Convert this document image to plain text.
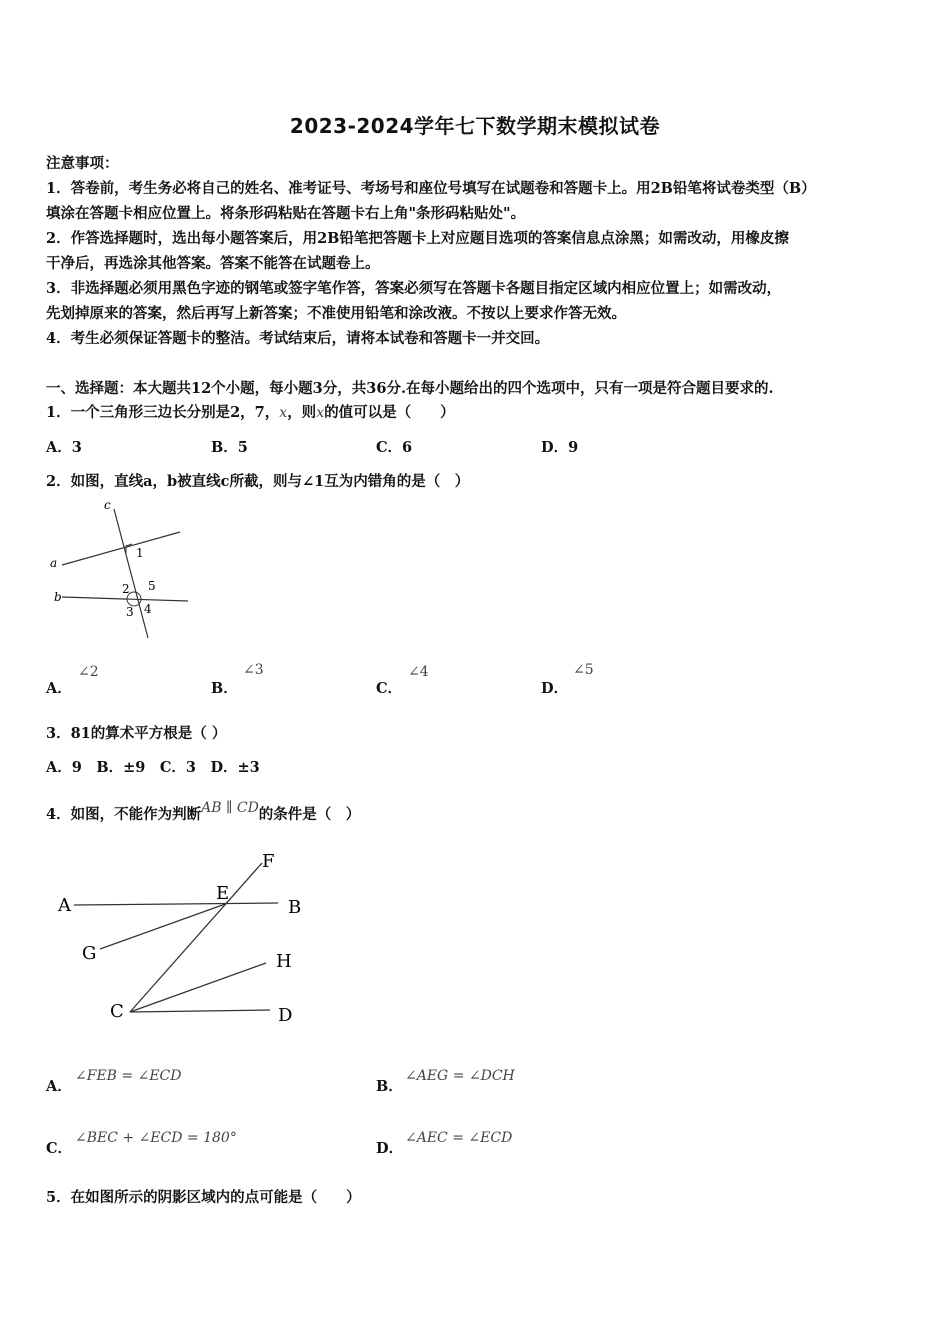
2023-2024学年七下数学期末模拟试卷
注意事项：
1．答卷前，考生务必将自己的姓名、准考证号、考场号和座位号填写在试题卷和答题卡上。用2B铅笔将试卷类型（B）
填涂在答题卡相应位置上。将条形码粘贴在答题卡右上角"条形码粘贴处"。
2．作答选择题时，选出每小题答案后，用2B铅笔把答题卡上对应题目选项的答案信息点涂黑；如需改动，用橡皮擦
干净后，再选涂其他答案。答案不能答在试题卷上。
3．非选择题必须用黑色字迹的钢笔或签字笔作答，答案必须写在答题卡各题目指定区域内相应位置上；如需改动，
先划掉原来的答案，然后再写上新答案；不准使用铅笔和涂改液。不按以上要求作答无效。
4．考生必须保证答题卡的整洁。考试结束后，请将本试卷和答题卡一并交回。
一、选择题：本大题共12个小题，每小题3分，共36分.在每小题给出的四个选项中，只有一项是符合题目要求的.
1．一个三角形三边长分别是2，7，x，则x的值可以是（　　）
A．3	B．5	C．6	D．9
2．如图，直线a，b被直线c所截，则与∠1互为内错角的是（　）
c
a
b
1
2 5
3 4
A．
∠2
B．
∠3
C．
∠4
D．
∠5
3．81的算术平方根是（ ）
A．9　B．±9　C．3　D．±3
4．如图，不能作为判断AB ∥ CD的条件是（　）
A	B
E
F
G	H
C	D
A．
∠FEB = ∠ECD
B．
∠AEG = ∠DCH
C．
∠BEC + ∠ECD = 180°
D．
∠AEC = ∠ECD
5．在如图所示的阴影区域内的点可能是（　　）
